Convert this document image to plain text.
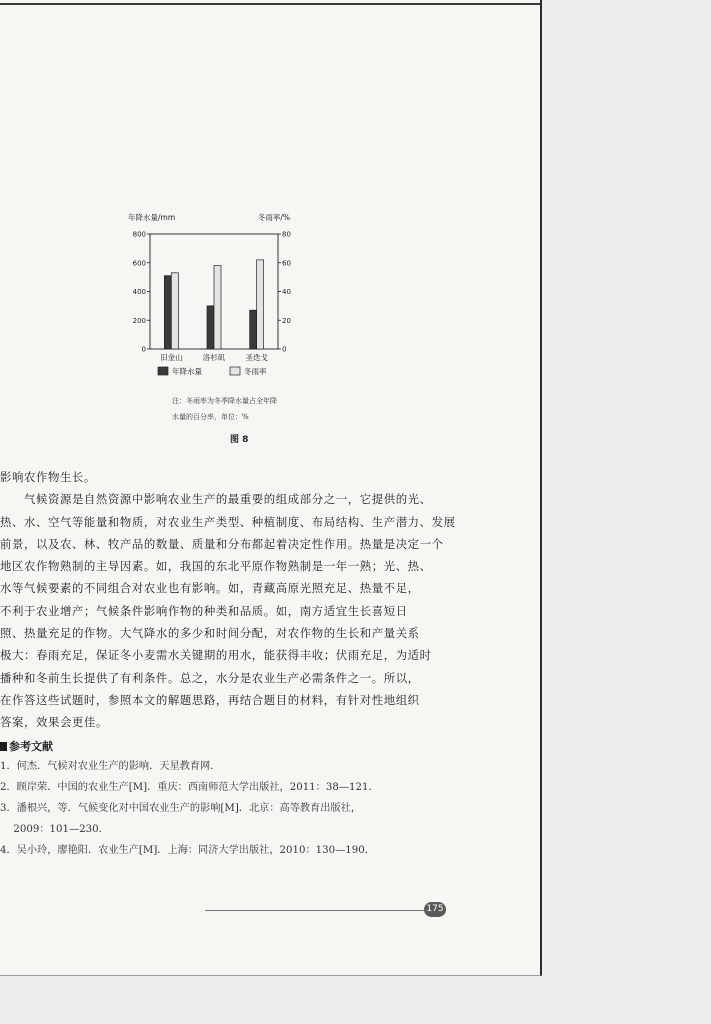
年降水量/mm	冬雨率/%
800
600
400
200
0
80
60
40
20
0
旧金山	洛杉矶	圣迭戈
年降水量	冬雨率
注：冬雨率为冬季降水量占全年降
水量的百分率，单位：%
图 8
影响农作物生长。
　　气候资源是自然资源中影响农业生产的最重要的组成部分之一，它提供的光、
热、水、空气等能量和物质，对农业生产类型、种植制度、布局结构、生产潜力、发展
前景，以及农、林、牧产品的数量、质量和分布都起着决定性作用。热量是决定一个
地区农作物熟制的主导因素。如，我国的东北平原作物熟制是一年一熟；光、热、
水等气候要素的不同组合对农业也有影响。如，青藏高原光照充足、热量不足，
不利于农业增产；气候条件影响作物的种类和品质。如，南方适宜生长喜短日
照、热量充足的作物。大气降水的多少和时间分配，对农作物的生长和产量关系
极大：春雨充足，保证冬小麦需水关键期的用水，能获得丰收；伏雨充足，为适时
播种和冬前生长提供了有利条件。总之，水分是农业生产必需条件之一。所以，
在作答这些试题时，参照本文的解题思路，再结合题目的材料，有针对性地组织
答案，效果会更佳。
参考文献
1．何杰．气候对农业生产的影响．天星教育网．
2．顾岸荣．中国的农业生产[M]．重庆：西南师范大学出版社，2011：38—121．
3．潘根兴，等．气候变化对中国农业生产的影响[M]．北京：高等教育出版社，
　 2009：101—230．
4．吴小玲，廖艳阳．农业生产[M]．上海：同济大学出版社，2010：130—190．
175
